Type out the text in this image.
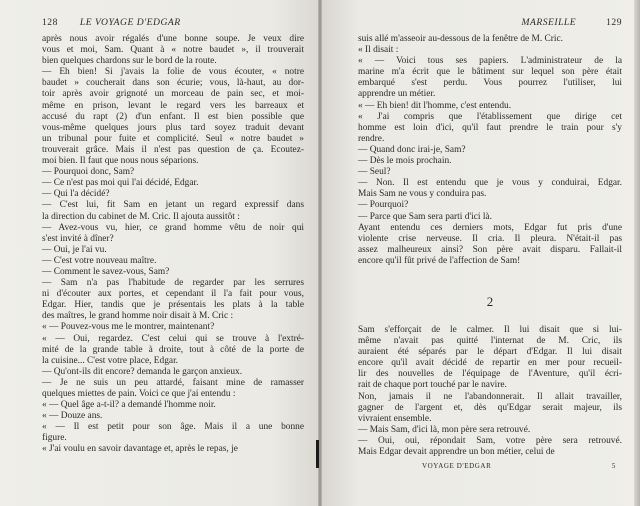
128	LE VOYAGE D'EDGAR
après nous avoir régalés d'une bonne soupe. Je veux dire
vous et moi, Sam. Quant à « notre baudet », il trouverait
bien quelques chardons sur le bord de la route.
— Eh bien! Si j'avais la folie de vous écouter, « notre
baudet » coucherait dans son écurie; vous, là-haut, au dor-
toir après avoir grignoté un morceau de pain sec, et moi-
même en prison, levant le regard vers les barreaux et
accusé du rapt (2) d'un enfant. Il est bien possible que
vous-même quelques jours plus tard soyez traduit devant
un tribunal pour fuite et complicité. Seul « notre baudet »
trouverait grâce. Mais il n'est pas question de ça. Ecoutez-
moi bien. Il faut que nous nous séparions.
— Pourquoi donc, Sam?
— Ce n'est pas moi qui l'ai décidé, Edgar.
— Qui l'a décidé?
— C'est lui, fit Sam en jetant un regard expressif dans
la direction du cabinet de M. Cric. Il ajouta aussitôt :
— Avez-vous vu, hier, ce grand homme vêtu de noir qui
s'est invité à dîner?
— Oui, je l'ai vu.
— C'est votre nouveau maître.
— Comment le savez-vous, Sam?
— Sam n'a pas l'habitude de regarder par les serrures
ni d'écouter aux portes, et cependant il l'a fait pour vous,
Edgar. Hier, tandis que je présentais les plats à la table
des maîtres, le grand homme noir disait à M. Cric :
« — Pouvez-vous me le montrer, maintenant?
« — Oui, regardez. C'est celui qui se trouve à l'extré-
mité de la grande table à droite, tout à côté de la porte de
la cuisine... C'est votre place, Edgar.
— Qu'ont-ils dit encore? demanda le garçon anxieux.
— Je ne suis un peu attardé, faisant mine de ramasser
quelques miettes de pain. Voici ce que j'ai entendu :
« — Quel âge a-t-il? a demandé l'homme noir.
« — Douze ans.
« — Il est petit pour son âge. Mais il a une bonne
figure.
« J'ai voulu en savoir davantage et, après le repas, je
MARSEILLE	129
suis allé m'asseoir au-dessous de la fenêtre de M. Cric.
« Il disait :
« — Voici tous ses papiers. L'administrateur de la
marine m'a écrit que le bâtiment sur lequel son père était
embarqué s'est perdu. Vous pourrez l'utiliser, lui
apprendre un métier.
« — Eh bien! dit l'homme, c'est entendu.
« J'ai compris que l'établissement que dirige cet
homme est loin d'ici, qu'il faut prendre le train pour s'y
rendre.
— Quand donc irai-je, Sam?
— Dès le mois prochain.
— Seul?
— Non. Il est entendu que je vous y conduirai, Edgar.
Mais Sam ne vous y conduira pas.
— Pourquoi?
— Parce que Sam sera parti d'ici là.
Ayant entendu ces derniers mots, Edgar fut pris d'une
violente crise nerveuse. Il cria. Il pleura. N'était-il pas
assez malheureux ainsi? Son père avait disparu. Fallait-il
encore qu'il fût privé de l'affection de Sam!
2
Sam s'efforçait de le calmer. Il lui disait que si lui-
même n'avait pas quitté l'internat de M. Cric, ils
auraient été séparés par le départ d'Edgar. Il lui disait
encore qu'il avait décidé de repartir en mer pour recueil-
lir des nouvelles de l'équipage de l'Aventure, qu'il écri-
rait de chaque port touché par le navire.
Non, jamais il ne l'abandonnerait. Il allait travailler,
gagner de l'argent et, dès qu'Edgar serait majeur, ils
vivraient ensemble.
— Mais Sam, d'ici là, mon père sera retrouvé.
— Oui, oui, répondait Sam, votre père sera retrouvé.
Mais Edgar devait apprendre un bon métier, celui de
VOYAGE D'EDGAR	5
